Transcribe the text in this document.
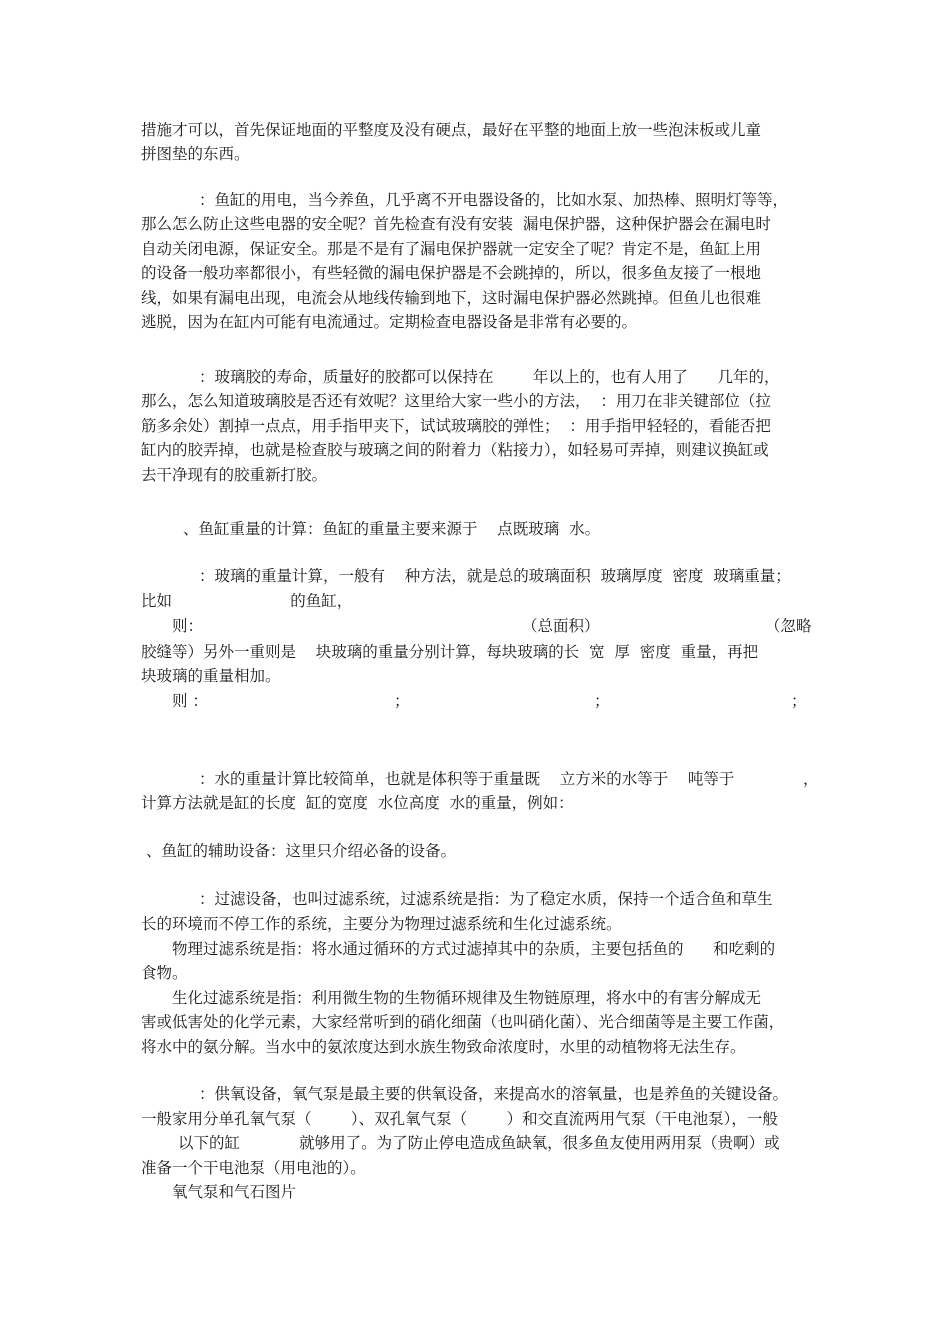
措施才可以，首先保证地面的平整度及没有硬点，最好在平整的地面上放一些泡沫板或儿童
拼图垫的东西。
：鱼缸的用电，当今养鱼，几乎离不开电器设备的，比如水泵、加热棒、照明灯等等，
那么怎么防止这些电器的安全呢？首先检查有没有安装  漏电保护器，这种保护器会在漏电时
自动关闭电源，保证安全。那是不是有了漏电保护器就一定安全了呢？肯定不是，鱼缸上用
的设备一般功率都很小，有些轻微的漏电保护器是不会跳掉的，所以，很多鱼友接了一根地
线，如果有漏电出现，电流会从地线传输到地下，这时漏电保护器必然跳掉。但鱼儿也很难
逃脱，因为在缸内可能有电流通过。定期检查电器设备是非常有必要的。
：玻璃胶的寿命，质量好的胶都可以保持在        年以上的，也有人用了      几年的，
那么，怎么知道玻璃胶是否还有效呢？这里给大家一些小的方法，  ：用刀在非关键部位（拉
筋多余处）割掉一点点，用手指甲夹下，试试玻璃胶的弹性；  ：用手指甲轻轻的，看能否把
缸内的胶弄掉，也就是检查胶与玻璃之间的附着力（粘接力），如轻易可弄掉，则建议换缸或
去干净现有的胶重新打胶。
、鱼缸重量的计算：鱼缸的重量主要来源于    点既玻璃  水。
：玻璃的重量计算，一般有    种方法，就是总的玻璃面积  玻璃厚度  密度  玻璃重量；
比如                        的鱼缸，
则：	（总面积）	（忽略
胶缝等）另外一重则是    块玻璃的重量分别计算，每块玻璃的长  宽  厚  密度  重量，再把
块玻璃的重量相加。
则 ：	；	；	；
：水的重量计算比较简单，也就是体积等于重量既    立方米的水等于    吨等于	，
计算方法就是缸的长度  缸的宽度  水位高度  水的重量，例如：
、鱼缸的辅助设备：这里只介绍必备的设备。
：过滤设备，也叫过滤系统，过滤系统是指：为了稳定水质，保持一个适合鱼和草生
长的环境而不停工作的系统，主要分为物理过滤系统和生化过滤系统。
物理过滤系统是指：将水通过循环的方式过滤掉其中的杂质，主要包括鱼的      和吃剩的
食物。
生化过滤系统是指：利用微生物的生物循环规律及生物链原理，将水中的有害分解成无
害或低害处的化学元素，大家经常听到的硝化细菌（也叫硝化菌）、光合细菌等是主要工作菌，
将水中的氨分解。当水中的氨浓度达到水族生物致命浓度时，水里的动植物将无法生存。
：供氧设备，氧气泵是最主要的供氧设备，来提高水的溶氧量，也是养鱼的关键设备。
一般家用分单孔氧气泵（        ）、双孔氧气泵（        ）和交直流两用气泵（干电池泵），一般
以下的缸            就够用了。为了防止停电造成鱼缺氧，很多鱼友使用两用泵（贵啊）或
准备一个干电池泵（用电池的）。
氧气泵和气石图片
